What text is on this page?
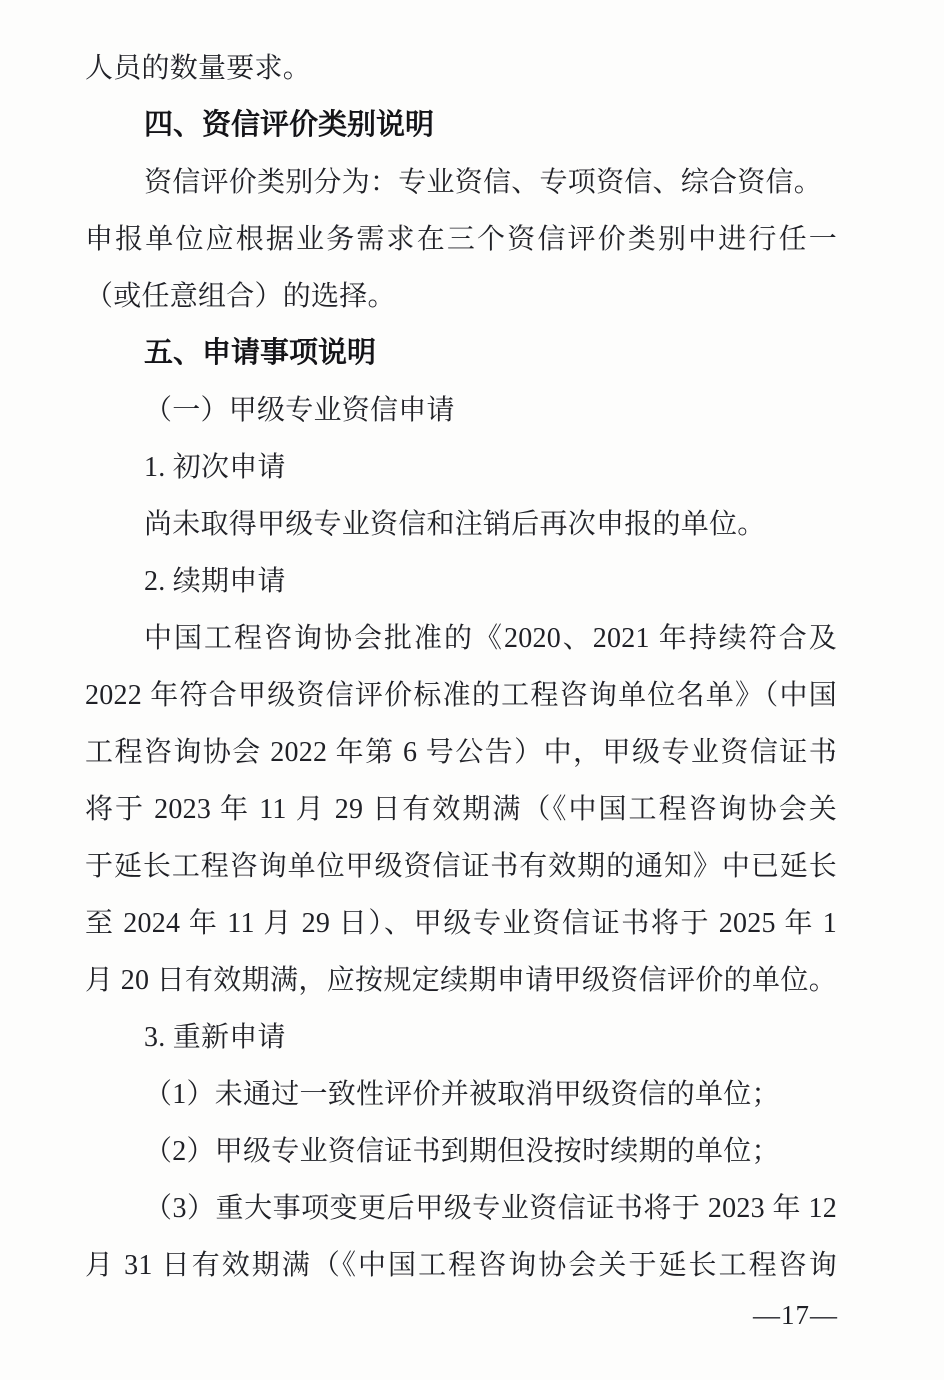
人员的数量要求。
四、资信评价类别说明
资信评价类别分为：专业资信、专项资信、综合资信。
申报单位应根据业务需求在三个资信评价类别中进行任一
（或任意组合）的选择。
五、申请事项说明
（一）甲级专业资信申请
1. 初次申请
尚未取得甲级专业资信和注销后再次申报的单位。
2. 续期申请
中国工程咨询协会批准的《2020、2021 年持续符合及
2022 年符合甲级资信评价标准的工程咨询单位名单》（中国
工程咨询协会 2022 年第 6 号公告）中，甲级专业资信证书
将于 2023 年 11 月 29 日有效期满（《中国工程咨询协会关
于延长工程咨询单位甲级资信证书有效期的通知》中已延长
至 2024 年 11 月 29 日）、甲级专业资信证书将于 2025 年 1
月 20 日有效期满，应按规定续期申请甲级资信评价的单位。
3. 重新申请
（1）未通过一致性评价并被取消甲级资信的单位；
（2）甲级专业资信证书到期但没按时续期的单位；
（3）重大事项变更后甲级专业资信证书将于 2023 年 12
月 31 日有效期满（《中国工程咨询协会关于延长工程咨询
—17—
